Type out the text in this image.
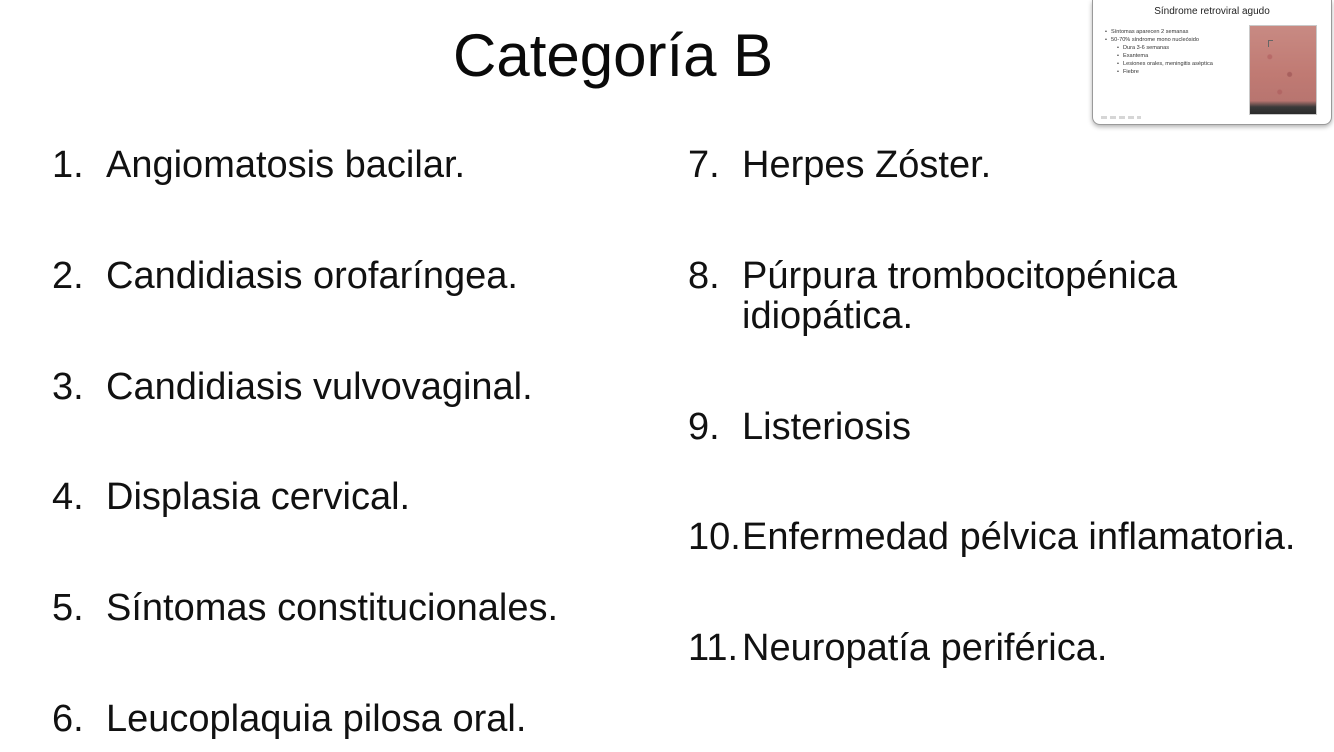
Categoría B
1. Angiomatosis bacilar.
2. Candidiasis orofaríngea.
3. Candidiasis vulvovaginal.
4. Displasia cervical.
5. Síntomas constitucionales.
6. Leucoplaquia pilosa oral.
7. Herpes Zóster.
8. Púrpura trombocitopénica idiopática.
9. Listeriosis
10. Enfermedad pélvica inflamatoria.
11. Neuropatía periférica.
Síndrome retroviral agudo
• Síntomas aparecen 2 semanas
• 50-70% síndrome mono nucleósido
• Dura 3-6 semanas
• Exantema
• Lesiones orales, meningitis aséptica
• Fiebre
